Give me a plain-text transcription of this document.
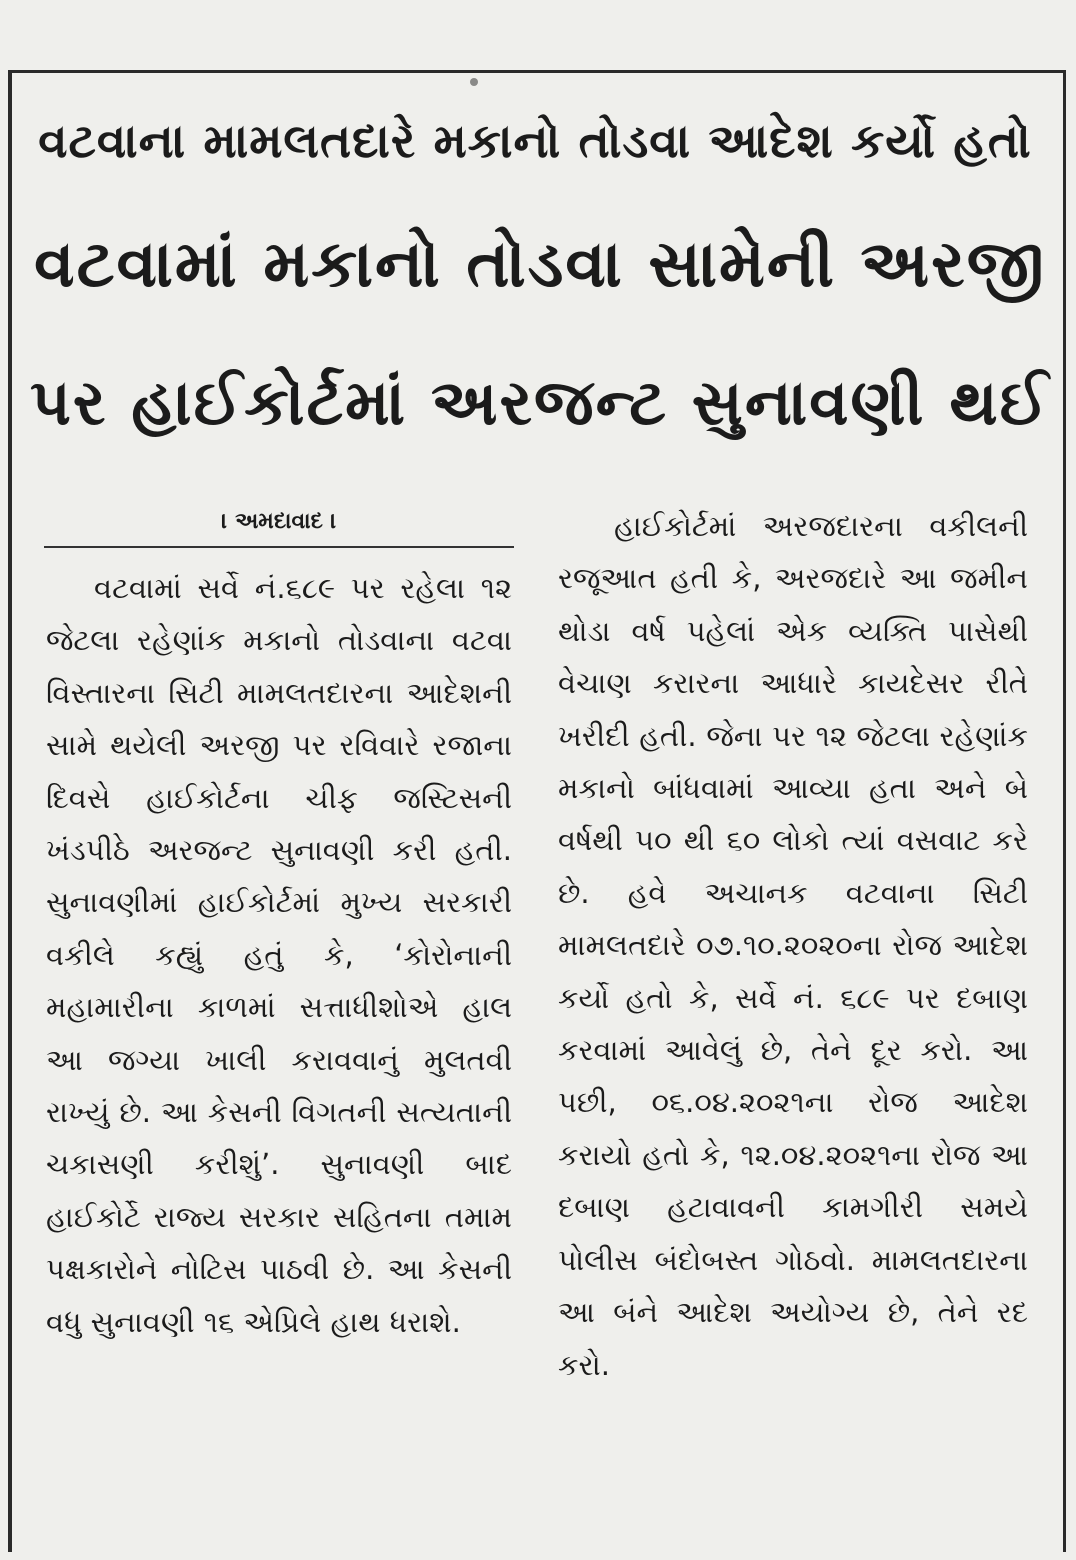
વટવાના મામલતદારે મકાનો તોડવા આદેશ કર્યો હતો
વટવામાં મકાનો તોડવા સામેની અરજી
પર હાઈકોર્ટમાં અરજન્ટ સુનાવણી થઈ
। અમદાવાદ ।
વટવામાં સર્વે નં.૬૮૯ પર રહેલા ૧૨ જેટલા રહેણાંક મકાનો તોડવાના વટવા વિસ્તારના સિટી મામલતદારના આદેશની સામે થયેલી અરજી પર રવિવારે રજાના દિવસે હાઈકોર્ટના ચીફ જસ્ટિસની ખંડપીઠે અરજન્ટ સુનાવણી કરી હતી. સુનાવણીમાં હાઈકોર્ટમાં મુખ્ય સરકારી વકીલે કહ્યું હતું કે, ‘કોરોનાની મહામારીના કાળમાં સત્તાધીશોએ હાલ આ જગ્યા ખાલી કરાવવાનું મુલતવી રાખ્યું છે. આ કેસની વિગતની સત્યતાની ચકાસણી કરીશું’. સુનાવણી બાદ હાઈકોર્ટે રાજ્ય સરકાર સહિતના તમામ પક્ષકારોને નોટિસ પાઠવી છે. આ કેસની વધુ સુનાવણી ૧૬ એપ્રિલે હાથ ધરાશે.
હાઈકોર્ટમાં અરજદારના વકીલની રજૂઆત હતી કે, અરજદારે આ જમીન થોડા વર્ષ પહેલાં એક વ્યક્તિ પાસેથી વેચાણ કરારના આધારે કાયદેસર રીતે ખરીદી હતી. જેના પર ૧૨ જેટલા રહેણાંક મકાનો બાંધવામાં આવ્યા હતા અને બે વર્ષથી ૫૦ થી ૬૦ લોકો ત્યાં વસવાટ કરે છે. હવે અચાનક વટવાના સિટી મામલતદારે ૦૭.૧૦.૨૦૨૦ના રોજ આદેશ કર્યો હતો કે, સર્વે નં. ૬૮૯ પર દબાણ કરવામાં આવેલું છે, તેને દૂર કરો. આ પછી, ૦૬.૦૪.૨૦૨૧ના રોજ આદેશ કરાયો હતો કે, ૧૨.૦૪.૨૦૨૧ના રોજ આ દબાણ હટાવાવની કામગીરી સમયે પોલીસ બંદોબસ્ત ગોઠવો. મામલતદારના આ બંને આદેશ અયોગ્ય છે, તેને રદ કરો.
